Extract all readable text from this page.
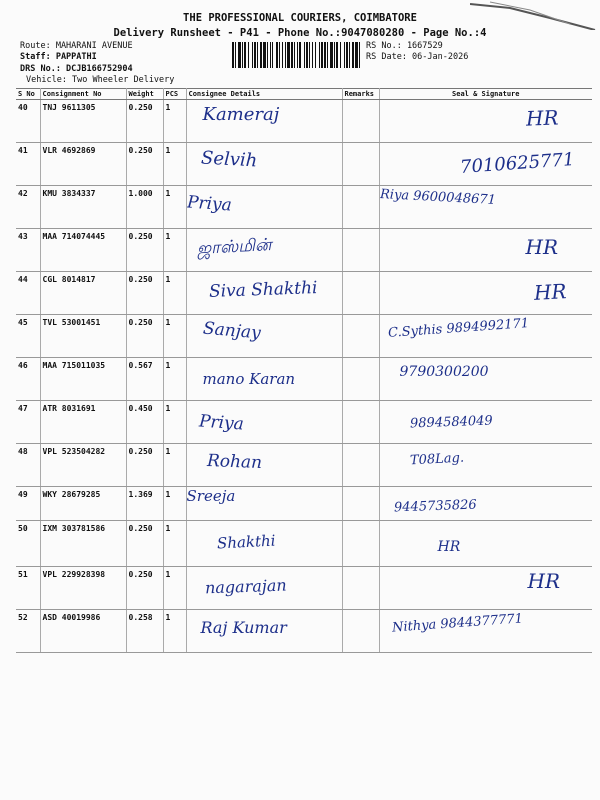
THE PROFESSIONAL COURIERS, COIMBATORE
Delivery Runsheet - P41 - Phone No.:9047080280 - Page No.:4
Route: MAHARANI AVENUE
Staff: PAPPATHI
DRS No.: DCJB166752904
Vehicle: Two Wheeler Delivery
RS No.: 1667529
RS Date: 06-Jan-2026
S No	Consignment No	Weight	PCS	Consignee Details	Remarks	Seal & Signature
40	TNJ 9611305	0.250	1	Kameraj		HR

41	VLR 4692869	0.250	1	Selvih		7010625771

42	KMU 3834337	1.000	1	Priya		Riya 9600048671

43	MAA 714074445	0.250	1	ஜாஸ்மின்		HR

44	CGL 8014817	0.250	1	Siva Shakthi		HR

45	TVL 53001451	0.250	1	Sanjay		C.Sythis 9894992171

46	MAA 715011035	0.567	1	mano Karan		9790300200

47	ATR 8031691	0.450	1	Priya		9894584049

48	VPL 523504282	0.250	1	Rohan		T08Lag.

49	WKY 28679285	1.369	1	Sreeja		9445735826

50	IXM 303781586	0.250	1	Shakthi		HR

51	VPL 229928398	0.250	1	nagarajan		HR

52	ASD 40019986	0.258	1	Raj Kumar		Nithya 9844377771
